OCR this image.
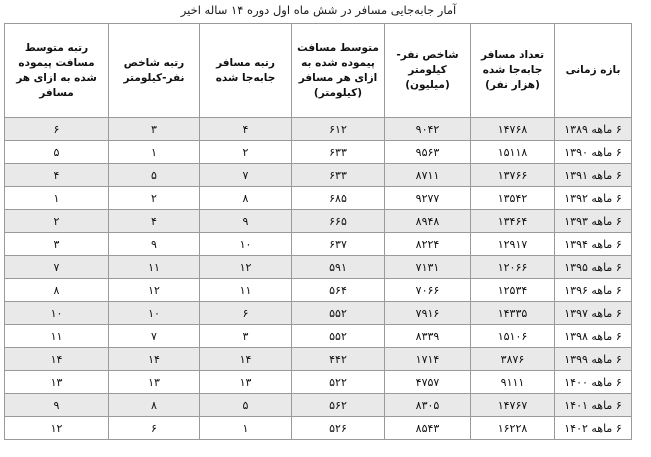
آمار جابه‌جایی مسافر در شش ماه اول دوره ۱۴ ساله اخیر
بازه زمانی	تعداد مسافر جابه‌جا شده (هزار نفر)	شاخص نفر-کیلومتر (میلیون)	متوسط مسافت پیموده شده به ازای هر مسافر (کیلومتر)	رتبه مسافر جابه‌جا شده	رتبه شاخص نفر-کیلومتر	رتبه متوسط مسافت پیموده شده به ازای هر مسافر
۶ ماهه ۱۳۸۹	۱۴۷۶۸	۹۰۴۲	۶۱۲	۴	۳	۶
۶ ماهه ۱۳۹۰	۱۵۱۱۸	۹۵۶۳	۶۳۳	۲	۱	۵
۶ ماهه ۱۳۹۱	۱۳۷۶۶	۸۷۱۱	۶۳۳	۷	۵	۴
۶ ماهه ۱۳۹۲	۱۳۵۴۲	۹۲۷۷	۶۸۵	۸	۲	۱
۶ ماهه ۱۳۹۳	۱۳۴۶۴	۸۹۴۸	۶۶۵	۹	۴	۲
۶ ماهه ۱۳۹۴	۱۲۹۱۷	۸۲۲۴	۶۳۷	۱۰	۹	۳
۶ ماهه ۱۳۹۵	۱۲۰۶۶	۷۱۳۱	۵۹۱	۱۲	۱۱	۷
۶ ماهه ۱۳۹۶	۱۲۵۳۴	۷۰۶۶	۵۶۴	۱۱	۱۲	۸
۶ ماهه ۱۳۹۷	۱۴۳۳۵	۷۹۱۶	۵۵۲	۶	۱۰	۱۰
۶ ماهه ۱۳۹۸	۱۵۱۰۶	۸۳۳۹	۵۵۲	۳	۷	۱۱
۶ ماهه ۱۳۹۹	۳۸۷۶	۱۷۱۴	۴۴۲	۱۴	۱۴	۱۴
۶ ماهه ۱۴۰۰	۹۱۱۱	۴۷۵۷	۵۲۲	۱۳	۱۳	۱۳
۶ ماهه ۱۴۰۱	۱۴۷۶۷	۸۳۰۵	۵۶۲	۵	۸	۹
۶ ماهه ۱۴۰۲	۱۶۲۲۸	۸۵۴۳	۵۲۶	۱	۶	۱۲
